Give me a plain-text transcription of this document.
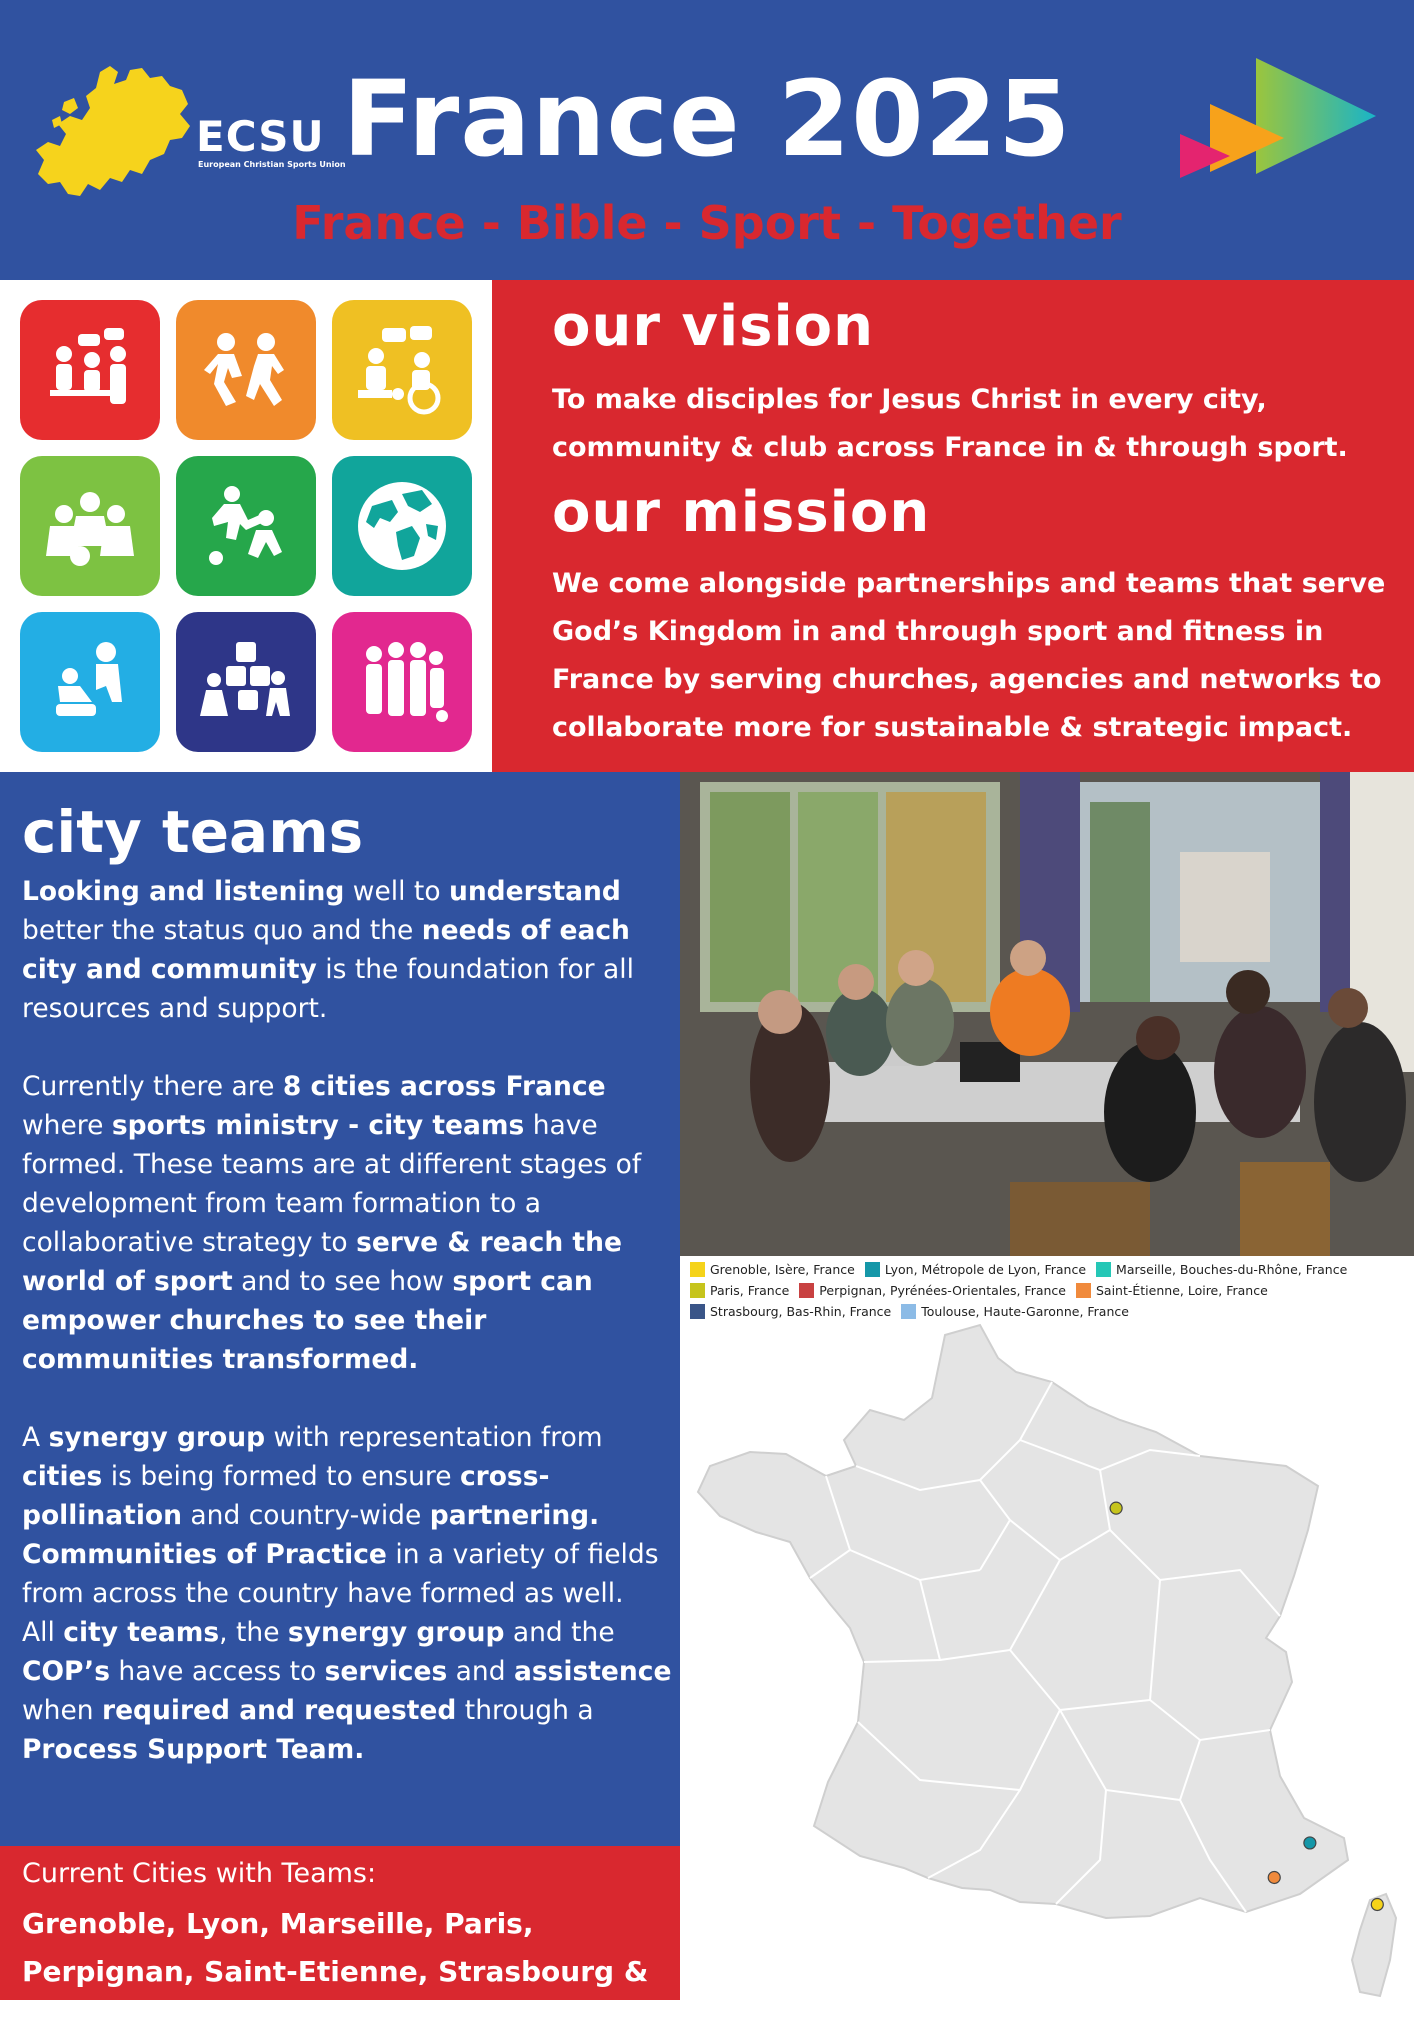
ECSU
European Christian Sports Union
France 2025
France - Bible - Sport - Together
our vision
To make disciples for Jesus Christ in every city, community & club across France in & through sport.
our mission
We come alongside partnerships and teams that serve God’s Kingdom in and through sport and fitness in France by serving churches, agencies and networks to collaborate more for sustainable & strategic impact.
city teams

Looking and listening well to understand better the status quo and the needs of each city and community is the foundation for all resources and support.

Currently there are 8 cities across France where sports ministry - city teams have formed. These teams are at different stages of development from team formation to a collaborative strategy to serve & reach the world of sport and to see how sport can empower churches to see their communities transformed.

A synergy group with representation from cities is being formed to ensure cross-pollination and country-wide partnering. Communities of Practice in a variety of fields from across the country have formed as well.

All city teams, the synergy group and the COP’s have access to services and assistence when required and requested through a Process Support Team.

Current Cities with Teams:
Grenoble, Lyon, Marseille, Paris, Perpignan, Saint-Etienne, Strasbourg & Toulouse
Grenoble, Isère, France Lyon, Métropole de Lyon, France Marseille, Bouches-du-Rhône, FranceParis, France Perpignan, Pyrénées-Orientales, France Saint-Étienne, Loire, FranceStrasbourg, Bas-Rhin, France Toulouse, Haute-Garonne, France
